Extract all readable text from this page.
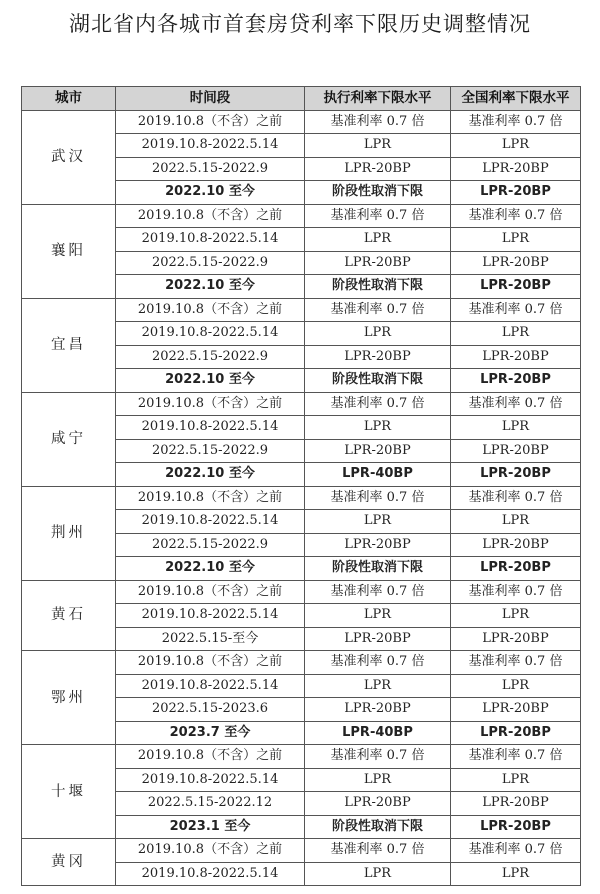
湖北省内各城市首套房贷利率下限历史调整情况
城市	时间段	执行利率下限水平	全国利率下限水平
武汉	2019.10.8（不含）之前	基准利率 0.7 倍	基准利率 0.7 倍
	2019.10.8-2022.5.14	LPR	LPR
	2022.5.15-2022.9	LPR-20BP	LPR-20BP
	2022.10 至今	阶段性取消下限	LPR-20BP
襄阳	2019.10.8（不含）之前	基准利率 0.7 倍	基准利率 0.7 倍
	2019.10.8-2022.5.14	LPR	LPR
	2022.5.15-2022.9	LPR-20BP	LPR-20BP
	2022.10 至今	阶段性取消下限	LPR-20BP
宜昌	2019.10.8（不含）之前	基准利率 0.7 倍	基准利率 0.7 倍
	2019.10.8-2022.5.14	LPR	LPR
	2022.5.15-2022.9	LPR-20BP	LPR-20BP
	2022.10 至今	阶段性取消下限	LPR-20BP
咸宁	2019.10.8（不含）之前	基准利率 0.7 倍	基准利率 0.7 倍
	2019.10.8-2022.5.14	LPR	LPR
	2022.5.15-2022.9	LPR-20BP	LPR-20BP
	2022.10 至今	LPR-40BP	LPR-20BP
荆州	2019.10.8（不含）之前	基准利率 0.7 倍	基准利率 0.7 倍
	2019.10.8-2022.5.14	LPR	LPR
	2022.5.15-2022.9	LPR-20BP	LPR-20BP
	2022.10 至今	阶段性取消下限	LPR-20BP
黄石	2019.10.8（不含）之前	基准利率 0.7 倍	基准利率 0.7 倍
	2019.10.8-2022.5.14	LPR	LPR
	2022.5.15-至今	LPR-20BP	LPR-20BP
鄂州	2019.10.8（不含）之前	基准利率 0.7 倍	基准利率 0.7 倍
	2019.10.8-2022.5.14	LPR	LPR
	2022.5.15-2023.6	LPR-20BP	LPR-20BP
	2023.7 至今	LPR-40BP	LPR-20BP
十堰	2019.10.8（不含）之前	基准利率 0.7 倍	基准利率 0.7 倍
	2019.10.8-2022.5.14	LPR	LPR
	2022.5.15-2022.12	LPR-20BP	LPR-20BP
	2023.1 至今	阶段性取消下限	LPR-20BP
黄冈	2019.10.8（不含）之前	基准利率 0.7 倍	基准利率 0.7 倍
	2019.10.8-2022.5.14	LPR	LPR
